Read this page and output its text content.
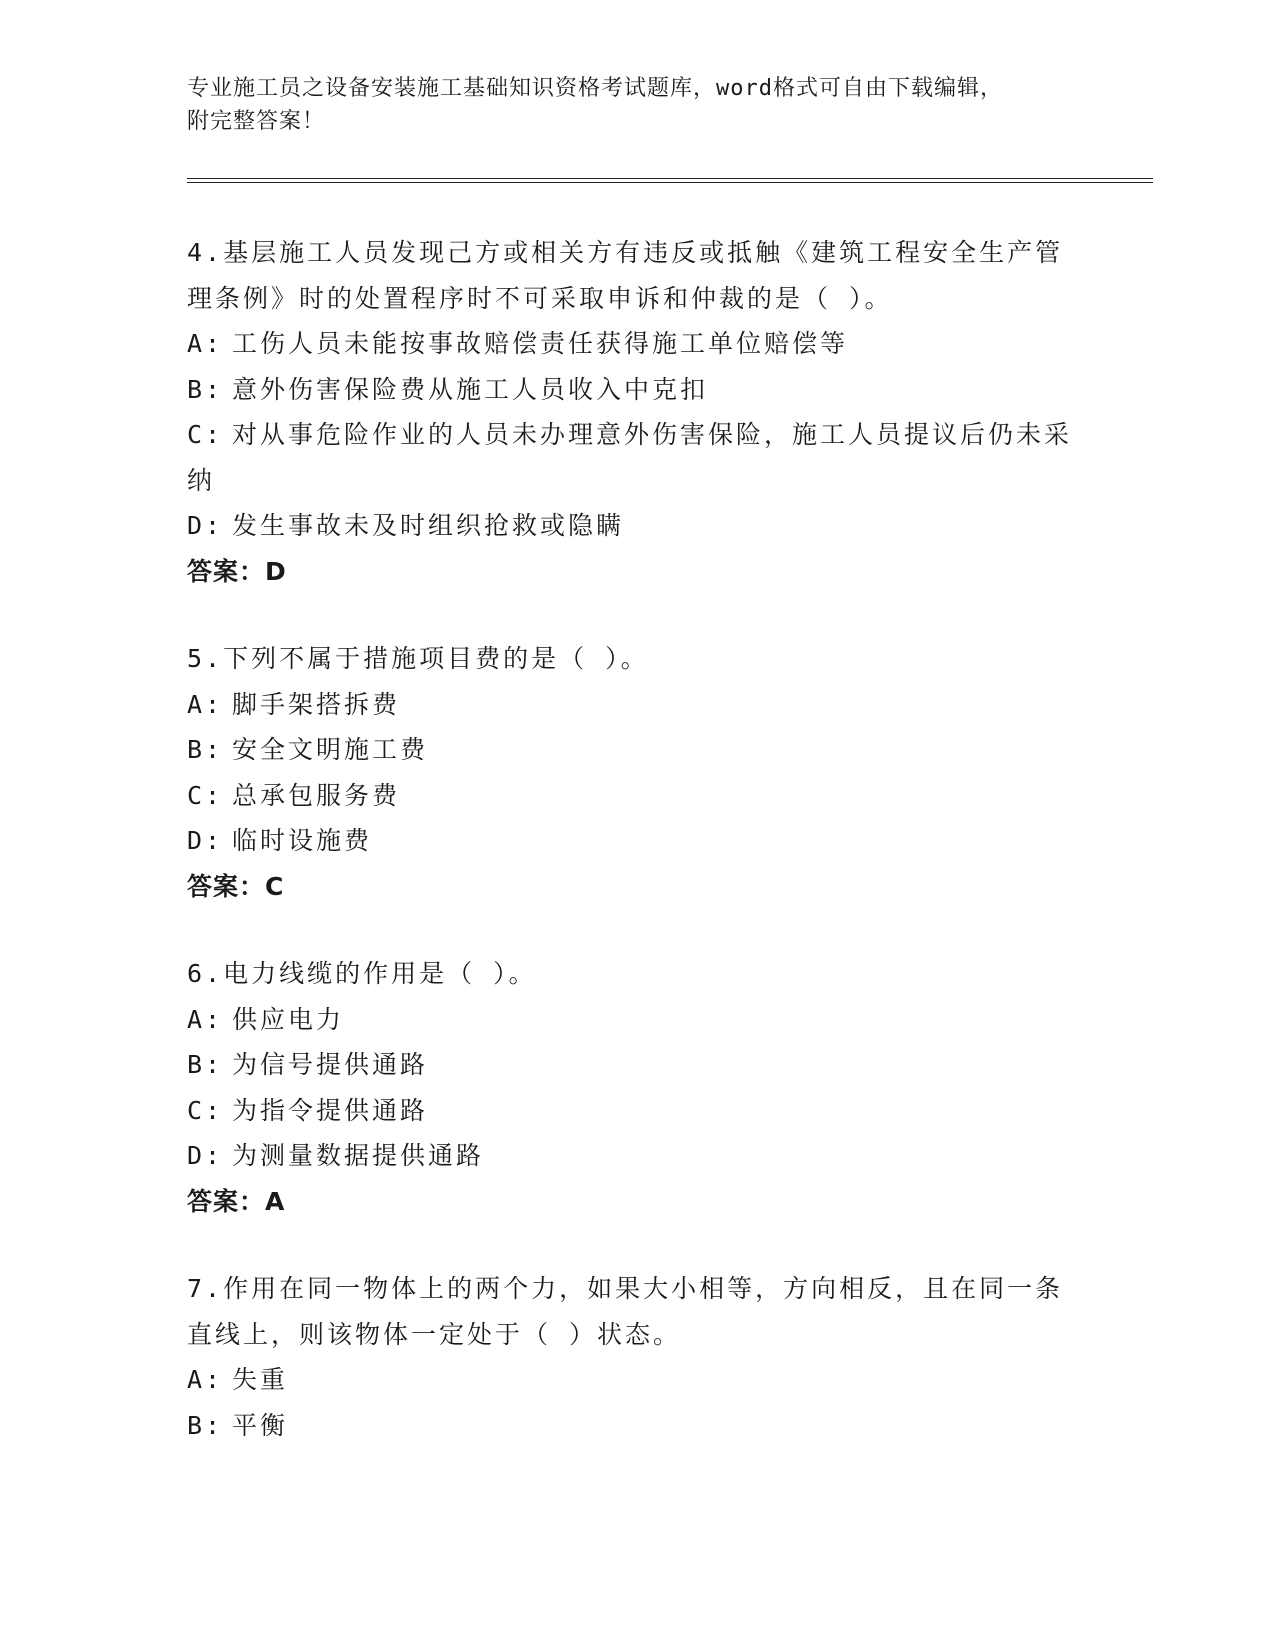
专业施工员之设备安装施工基础知识资格考试题库，word格式可自由下载编辑，
附完整答案！
4.基层施工人员发现己方或相关方有违反或抵触《建筑工程安全生产管理条例》时的处置程序时不可采取申诉和仲裁的是（ ）。
A: 工伤人员未能按事故赔偿责任获得施工单位赔偿等
B: 意外伤害保险费从施工人员收入中克扣
C: 对从事危险作业的人员未办理意外伤害保险，施工人员提议后仍未采纳
D: 发生事故未及时组织抢救或隐瞒
答案：D
5.下列不属于措施项目费的是（ ）。
A: 脚手架搭拆费
B: 安全文明施工费
C: 总承包服务费
D: 临时设施费
答案：C
6.电力线缆的作用是（ ）。
A: 供应电力
B: 为信号提供通路
C: 为指令提供通路
D: 为测量数据提供通路
答案：A
7.作用在同一物体上的两个力，如果大小相等，方向相反，且在同一条直线上，则该物体一定处于（ ）状态。
A: 失重
B: 平衡
